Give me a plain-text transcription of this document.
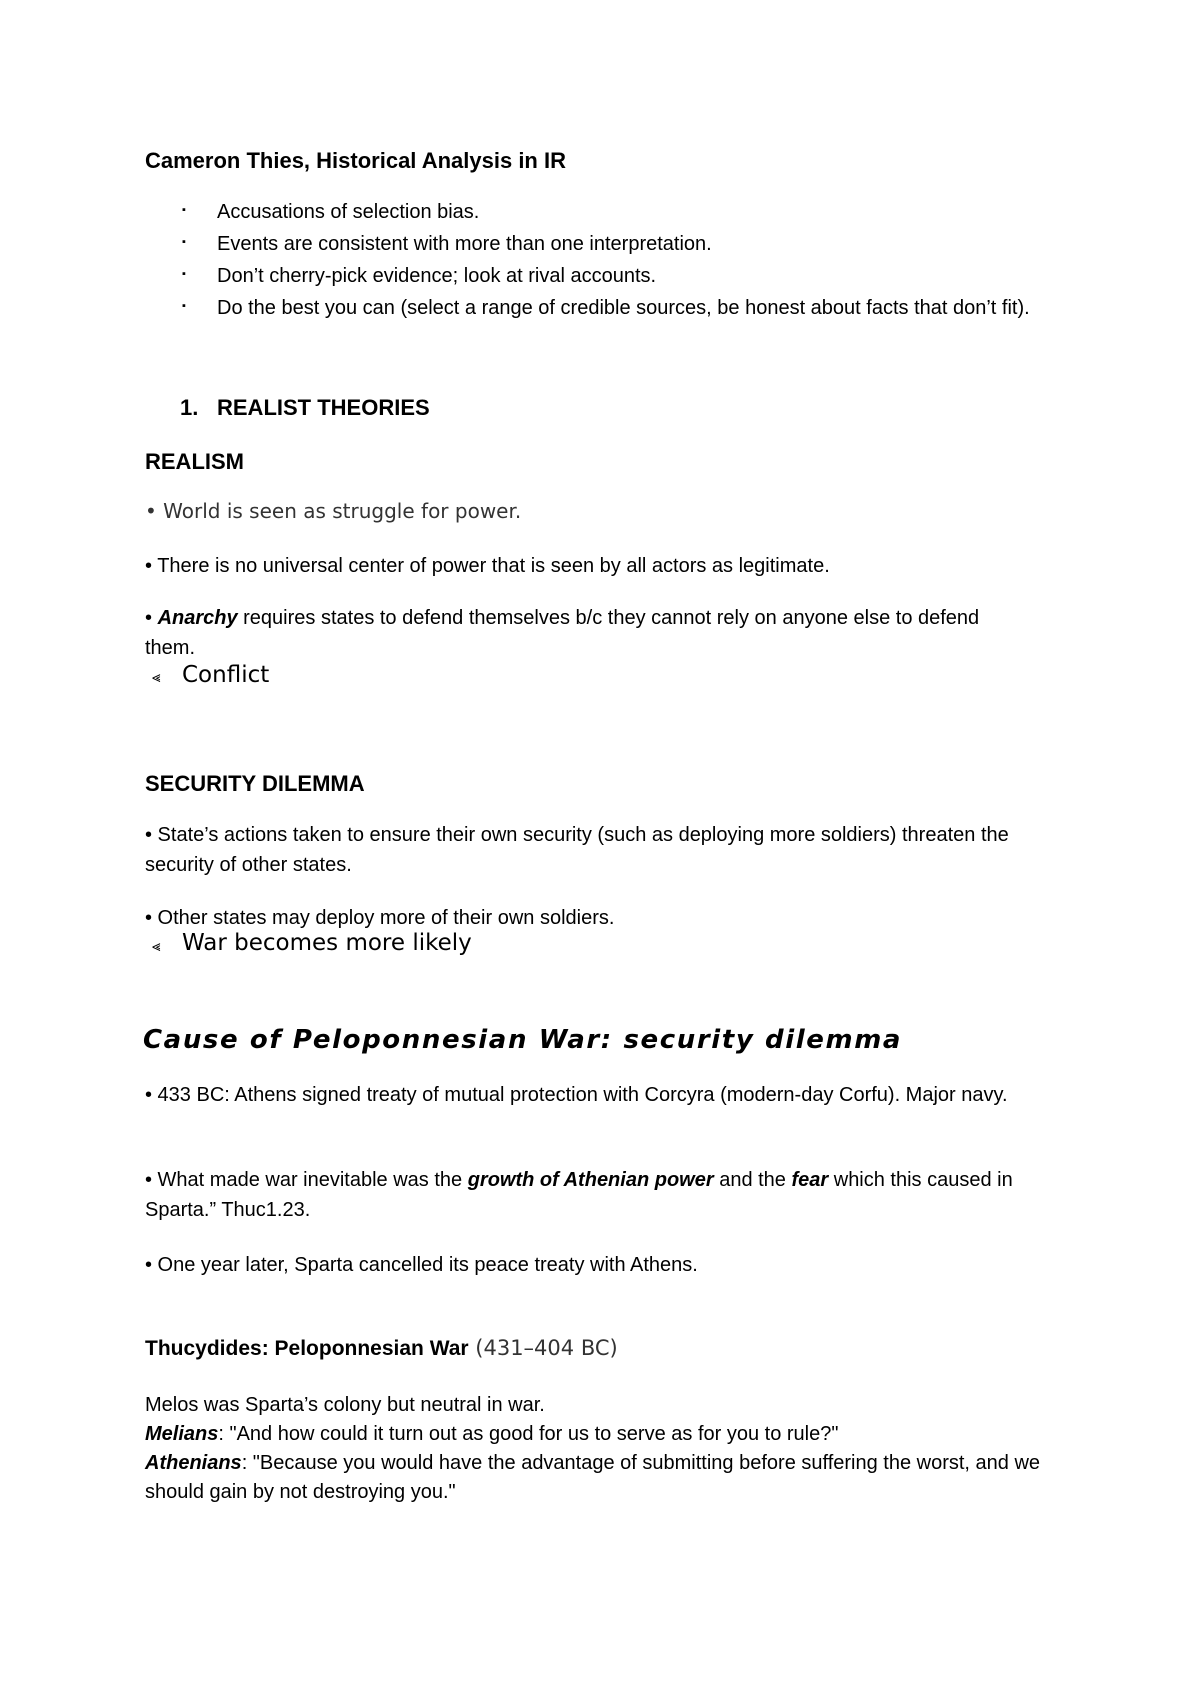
Cameron Thies, Historical Analysis in IR
▪ Accusations of selection bias.
▪ Events are consistent with more than one interpretation.
▪ Don’t cherry-pick evidence; look at rival accounts.
▪ Do the best you can (select a range of credible sources, be honest about facts that don’t fit).
1. REALIST THEORIES
REALISM
• World is seen as struggle for power.
• There is no universal center of power that is seen by all actors as legitimate.
• Anarchy requires states to defend themselves b/c they cannot rely on anyone else to defend them.
⪡ Conflict
SECURITY DILEMMA
• State’s actions taken to ensure their own security (such as deploying more soldiers) threaten the security of other states.
• Other states may deploy more of their own soldiers.
⪡ War becomes more likely
Cause of Peloponnesian War: security dilemma
• 433 BC: Athens signed treaty of mutual protection with Corcyra (modern-day Corfu). Major navy.
• What made war inevitable was the growth of Athenian power and the fear which this caused in Sparta.” Thuc1.23.
• One year later, Sparta cancelled its peace treaty with Athens.
Thucydides: Peloponnesian War (431–404 BC)
Melos was Sparta’s colony but neutral in war.
Melians: "And how could it turn out as good for us to serve as for you to rule?"
Athenians: "Because you would have the advantage of submitting before suffering the worst, and we should gain by not destroying you."
